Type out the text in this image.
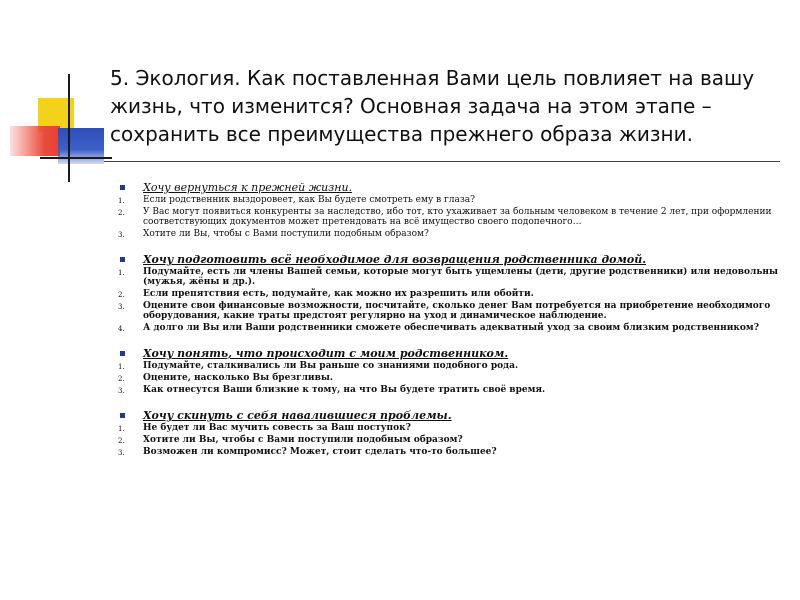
5. Экология. Как поставленная Вами цель повлияет на вашу жизнь, что изменится? Основная задача на этом этапе – сохранить все преимущества прежнего образа жизни.
Хочу вернуться к прежней жизни.
1. Если родственник выздоровеет, как Вы будете смотреть ему в глаза?
2. У Вас могут появиться конкуренты за наследство, ибо тот, кто ухаживает за больным человеком в течение 2 лет, при оформлении соответствующих документов может претендовать на всё имущество своего подопечного…
3. Хотите ли Вы, чтобы с Вами поступили подобным образом?
Хочу подготовить всё необходимое для возвращения родственника домой.
1. Подумайте, есть ли члены Вашей семьи, которые могут быть ущемлены (дети, другие родственники) или недовольны (мужья, жёны и др.).
2. Если препятствия есть, подумайте, как можно их разрешить или обойти.
3. Оцените свои финансовые возможности, посчитайте, сколько денег Вам потребуется на приобретение необходимого оборудования, какие траты предстоят регулярно на уход и динамическое наблюдение.
4. А долго ли Вы или Ваши родственники сможете обеспечивать адекватный уход за своим близким родственником?
Хочу понять, что происходит с моим родственником.
1. Подумайте, сталкивались ли Вы раньше со знаниями подобного рода.
2. Оцените, насколько Вы брезгливы.
3. Как отнесутся Ваши близкие к тому, на что Вы будете тратить своё время.
Хочу скинуть с себя навалившиеся проблемы.
1. Не будет ли Вас мучить совесть за Ваш поступок?
2. Хотите ли Вы, чтобы с Вами поступили подобным образом?
3. Возможен ли компромисс? Может, стоит сделать что-то большее?
